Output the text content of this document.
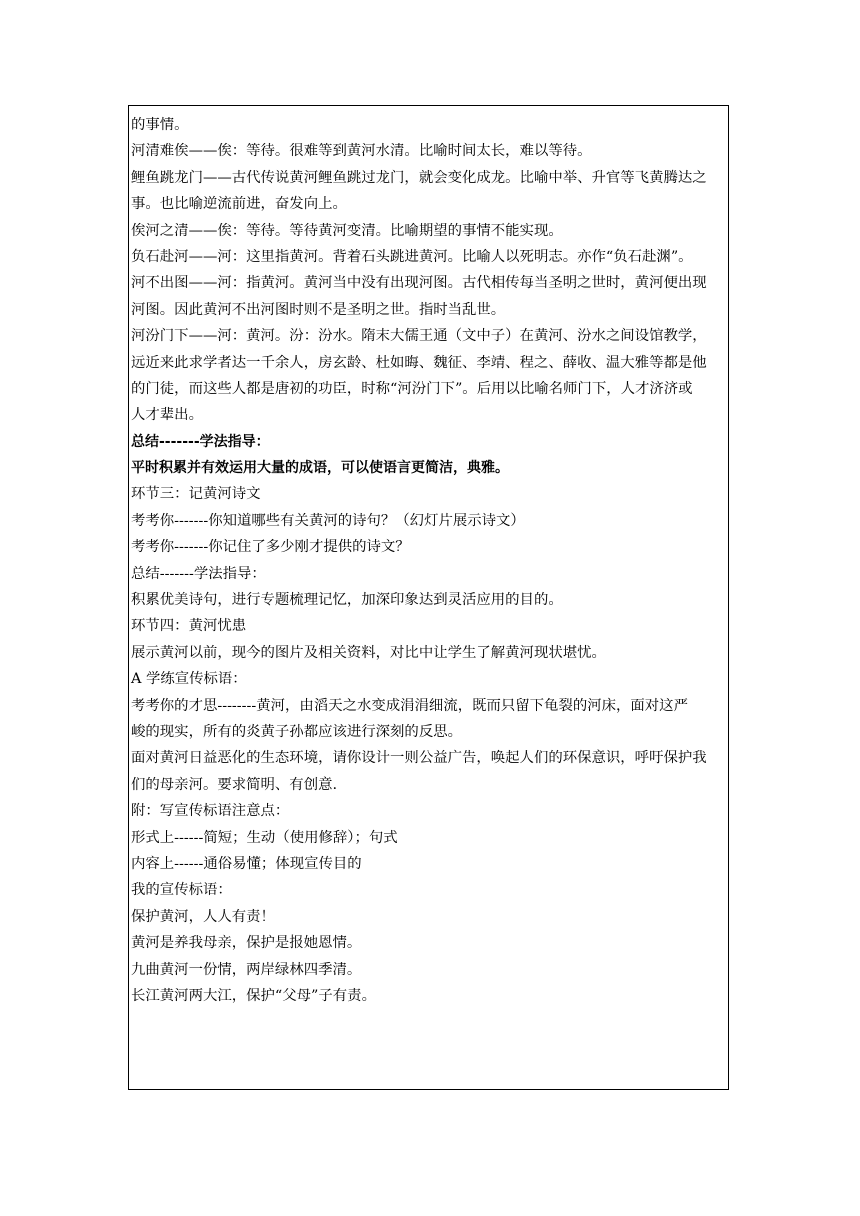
的事情。
河清难俟——俟：等待。很难等到黄河水清。比喻时间太长，难以等待。
鲤鱼跳龙门——古代传说黄河鲤鱼跳过龙门，就会变化成龙。比喻中举、升官等飞黄腾达之
事。也比喻逆流前进，奋发向上。
俟河之清——俟：等待。等待黄河变清。比喻期望的事情不能实现。
负石赴河——河：这里指黄河。背着石头跳进黄河。比喻人以死明志。亦作“负石赴渊”。
河不出图——河：指黄河。黄河当中没有出现河图。古代相传每当圣明之世时，黄河便出现
河图。因此黄河不出河图时则不是圣明之世。指时当乱世。
河汾门下——河：黄河。汾：汾水。隋末大儒王通（文中子）在黄河、汾水之间设馆教学，
远近来此求学者达一千余人，房玄龄、杜如晦、魏征、李靖、程之、薛收、温大雅等都是他
的门徒，而这些人都是唐初的功臣，时称“河汾门下”。后用以比喻名师门下，人才济济或
人才辈出。
总结-------学法指导：
平时积累并有效运用大量的成语，可以使语言更简洁，典雅。
环节三：记黄河诗文
考考你-------你知道哪些有关黄河的诗句？（幻灯片展示诗文）
考考你-------你记住了多少刚才提供的诗文？
总结-------学法指导：
积累优美诗句，进行专题梳理记忆，加深印象达到灵活应用的目的。
环节四：黄河忧患
展示黄河以前，现今的图片及相关资料，对比中让学生了解黄河现状堪忧。
A 学练宣传标语：
考考你的才思--------黄河，由滔天之水变成涓涓细流，既而只留下龟裂的河床，面对这严
峻的现实，所有的炎黄子孙都应该进行深刻的反思。
面对黄河日益恶化的生态环境，请你设计一则公益广告，唤起人们的环保意识，呼吁保护我
们的母亲河。要求简明、有创意.
附：写宣传标语注意点：
形式上------简短；生动（使用修辞）；句式
内容上------通俗易懂；体现宣传目的
我的宣传标语：
保护黄河，人人有责！
黄河是养我母亲，保护是报她恩情。
九曲黄河一份情，两岸绿林四季清。
长江黄河两大江，保护“父母”子有责。
